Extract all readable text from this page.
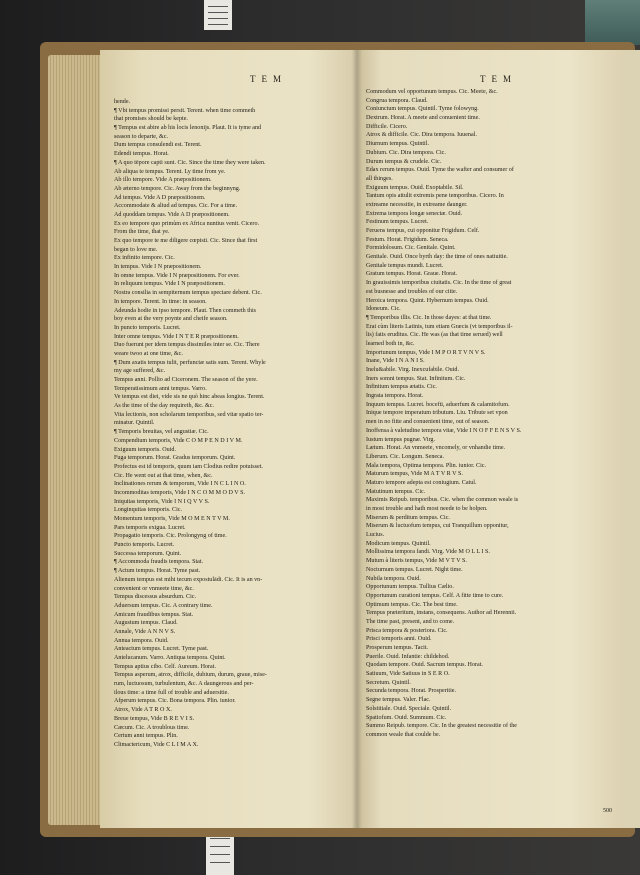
TEM	TEM
hende.
¶ Vbi tempus promissi persit. Terent. when time commeth
that promises should be kepte.
¶ Tempus est abire ab his locis lenonijs. Plaut. It is tyme and
season to departe, &c.
Dum tempus consulendi est. Terent.
Edendi tempus. Horat.
¶ A quo tēpore capti sunt. Cic. Since the time they were taken.
Ab aliqua te tempus. Terent. Ly time from ye.
Ab illo tempore. Vide A præpositionem.
Ab æterno tempore. Cic. Away from the beginnyng.
Ad tempus. Vide A D præpositionem.
Accommodate & aliud ad tempus. Cic. For a time.
Ad quoddam tempus. Vide A D præpositionem.
Ex eo tempore quo primùm ex Africa nuntius venit. Cicero.
From the time, that ye.
Ex quo tempore te me diligere cœpisti. Cic. Since that first
began to love me.
Ex infinito tempore. Cic.
In tempus. Vide I N præpositionem.
In omne tempus. Vide I N præpositionem. For ever.
In reliquum tempus. Vide I N præpositionem.
Nostra consilia in sempiternum tempus spectare debent. Cic.
In tempore. Terent. In time: in season.
Adeunda hodie in ipso tempore. Plaut. Then commeth this
boy even at the very poynte and cheife season.
In puncto temporis. Lucret.
Inter omne tempus. Vide I N T E R præpositionem.
Duo fuerunt per idem tempus dissimiles inter se. Cic. There
weare twoo at one time, &c.
¶ Dum axatis tempus tulit, perfunctæ satis sum. Terent. Whyle
my age suffered, &c.
Tempus anni. Pollio ad Ciceronem. The season of the yere.
Temperatissimum anni tempus. Varro.
Ve tempus est diei, vide sis ne quò hinc abeas longius. Terent.
As the time of the day requireth, &c. &c.
Vita lectionis, non scholarum temporibus, sed vitæ spatio ter-
minatur. Quintil.
¶ Temporis breuitas, vel angustiæ. Cic.
Compendium temporis, Vide C O M P E N D I V M.
Exiguum temporis. Ouid.
Fuga temporum. Horat. Gradus temporum. Quint.
Profectus est id temporis, quum iam Clodius redire potuisset.
Cic. He went out at that time, when, &c.
Inclinationes rerum & temporum, Vide I N C L I N O.
Incommoditas temporis, Vide I N C O M M O D V S.
Iniquitas temporis, Vide I N I Q V V S.
Longinquitas temporis. Cic.
Momentum temporis, Vide M O M E N T V M.
Pars temporis exigua. Lucret.
Propagatio temporis. Cic. Prolongyng of time.
Puncto temporis. Lucret.
Successa temporum. Quint.
¶ Accommoda fraudis tempora. Stat.
¶ Actum tempus. Horat. Tyme past.
Alienum tempus est mihi tecum expostulādi. Cic. It is an vn-
convenient or vnmeete time, &c.
Tempus discessus absurdum. Cic.
Aduersum tempus. Cic. A contrary time.
Amicum fraudibus tempus. Stat.
Augustum tempus. Claud.
Annale, Vide A N N V S.
Annua tempora. Ouid.
Anteactum tempus. Lucret. Tyme past.
Antelucanum. Varro. Antiqua tempora. Quint.
Tempus aptius cibo. Celf. Aureum. Horat.
Tempus asperum, atrox, difficile, dubium, durum, graue, mise-
rum, luctuosum, turbulentum, &c. A daungerous and per-
ilous time: a time full of trouble and aduersitie.
Afperum tempus. Cic. Bona tempora. Plin. iunior.
Atrox, Vide A T R O X.
Breue tempus, Vide B R E V I S.
Cæcum. Cic. A troublous time.
Certum anni tempus. Plin.
Climactericum, Vide C L I M A X.
Commodum vel opportunum tempus. Cic. Meete, &c.
Congrua tempora. Claud.
Coniunctum tempus. Quintil. Tyme folowyng.
Dextrum. Horat. A meete and conuenient time.
Difficile. Cicero.
Atrox & difficile. Cic. Dira tempora. Iuuenal.
Diurnum tempus. Quintil.
Dubium. Cic. Dira tempora. Cic.
Durum tempus & crudele. Cic.
Edax rerum tempus. Ouid. Tyme the wafter and consumer of
all thinges.
Exiguum tempus. Ouid. Exoptabile. Sil.
Tantum opis attulit extremis pene temporibus. Cicero. In
extreame necessitie, in extreame daunger.
Extrema tempora longæ senectæ. Ouid.
Festinum tempus. Lucret.
Feruens tempus, cui opponitur Frigidum. Celf.
Festum. Horat. Frigidum. Seneca.
Formidolosum. Cic. Genitale. Quint.
Genitale. Ouid. Once byrth day: the time of ones natiuitie.
Genitale tempus mundi. Lucret.
Gratum tempus. Horat. Graue. Horat.
In grauissimis temporibus ciuitatis. Cic. In the time of great
est busnesse and troubles of our citie.
Heroica tempora. Quint. Hybernum tempus. Ouid.
Idoneum. Cic.
¶ Temporibus illis. Cic. In those dayes: at that time.
Erat cùm literis Latinis, tum etiam Græcis (vt temporibus il-
lis) fatis eruditus. Cic. He was (as that time serued) well
learned both in, &c.
Importunum tempus, Vide I M P O R T V N V S.
Inane, Vide I N A N I S.
Inelu&abile. Virg. Inexcufabile. Ouid.
Iners somni tempus. Stat. Infinitum. Cic.
Infinitum tempus ætatis. Cic.
Ingrata tempora. Horat.
Inquum tempus. Lucret. bocefti, aduerfum & calamitofum.
Inique tempore imperatum tributum. Liu. Tribute set vpon
men in no fitte and conuenient time, out of season.
Inoffensa à valetudine tempora vitæ, Vide I N O F F E N S V S.
Iustum tempus pugnæ. Virg.
Lætum. Horat. An vnmeete, vncomely, or vnhandie time.
Liberum. Cic. Longum. Seneca.
Mala tempora, Optima tempora. Plin. iunior. Cic.
Maturum tempus, Vide M A T V R V S.
Maturo tempore adepta est coniugium. Catul.
Matutinum tempus. Cic.
Maximis Reipub. temporibus. Cic. when the common weale is
in most trouble and hath most neede to be holpen.
Miserum & perditum tempus. Cic.
Miserum & luctuofum tempus, cui Tranquillum opponitur,
Lucius.
Modicum tempus. Quintil.
Mollissima tempora fandi. Virg. Vide M O L L I S.
Mutum à literis tempus, Vide M V T V S.
Nocturnum tempus. Lucret. Night time.
Nubila tempora. Ouid.
Opportunum tempus. Tullius Cælio.
Opportunum curationi tempus. Celf. A fitte time to cure.
Optimum tempus. Cic. The best time.
Tempus præteritum, instans, consequens. Author ad Herennii.
The time past, present, and to come.
Prisca tempora & posteriora. Cic.
Prisci temporis anni. Ouid.
Prosperum tempus. Tacit.
Puerile. Ouid. Infantie: childehod.
Quodam tempore. Ouid. Sacrum tempus. Horat.
Satiuum, Vide Satiuus in S E R O.
Secretum. Quintil.
Secunda tempora. Horat. Prosperitie.
Segne tempus. Valer. Flac.
Solstitiale. Ouid. Speciale. Quintil.
Spatiofum. Ouid. Summum. Cic.
Summo Reipub. tempore. Cic. In the greatest necessitie of the
common weale that coulde be.
500
